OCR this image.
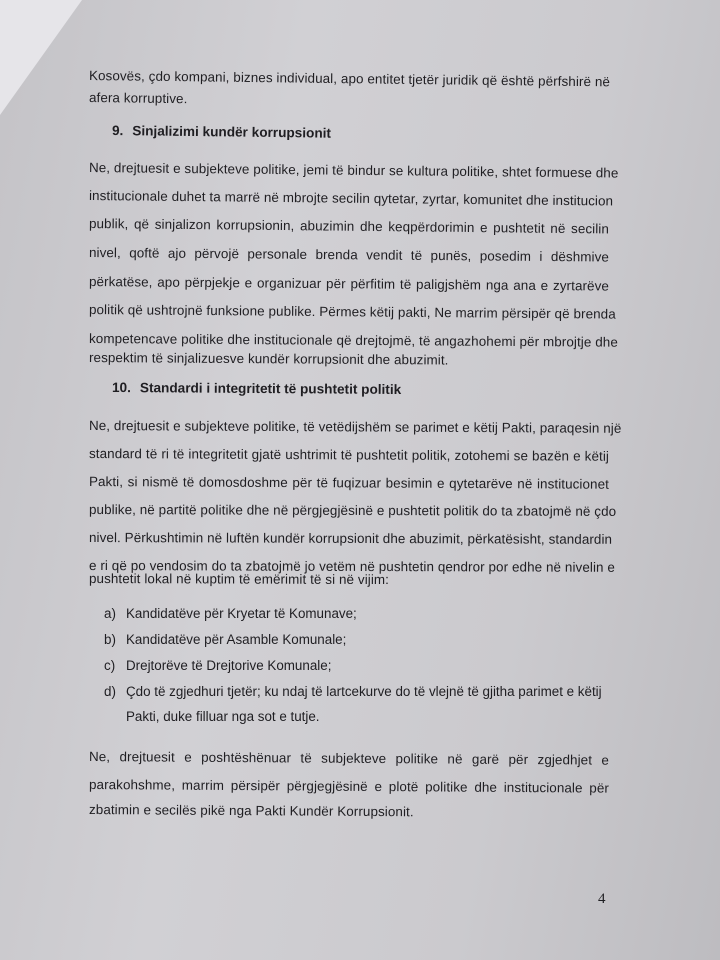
Kosovës, çdo kompani, biznes individual, apo entitet tjetër juridik që është përfshirë në
afera korruptive.
9. Sinjalizimi kundër korrupsionit
Ne, drejtuesit e subjekteve politike, jemi të bindur se kultura politike, shtet formuese dhe
institucionale duhet ta marrë në mbrojte secilin qytetar, zyrtar, komunitet dhe institucion
publik, që sinjalizon korrupsionin, abuzimin dhe keqpërdorimin e pushtetit në secilin
nivel, qoftë ajo përvojë personale brenda vendit të punës, posedim i dëshmive
përkatëse, apo përpjekje e organizuar për përfitim të paligjshëm nga ana e zyrtarëve
politik që ushtrojnë funksione publike. Përmes këtij pakti, Ne marrim përsipër që brenda
kompetencave politike dhe institucionale që drejtojmë, të angazhohemi për mbrojtje dhe
respektim të sinjalizuesve kundër korrupsionit dhe abuzimit.
10. Standardi i integritetit të pushtetit politik
Ne, drejtuesit e subjekteve politike, të vetëdijshëm se parimet e këtij Pakti, paraqesin një
standard të ri të integritetit gjatë ushtrimit të pushtetit politik, zotohemi se bazën e këtij
Pakti, si nismë të domosdoshme për të fuqizuar besimin e qytetarëve në institucionet
publike, në partitë politike dhe në përgjegjësinë e pushtetit politik do ta zbatojmë në çdo
nivel. Përkushtimin në luftën kundër korrupsionit dhe abuzimit, përkatësisht, standardin
e ri që po vendosim do ta zbatojmë jo vetëm në pushtetin qendror por edhe në nivelin e
pushtetit lokal në kuptim të emërimit të si në vijim:
a) Kandidatëve për Kryetar të Komunave;
b) Kandidatëve për Asamble Komunale;
c) Drejtorëve të Drejtorive Komunale;
d) Çdo të zgjedhuri tjetër; ku ndaj të lartcekurve do të vlejnë të gjitha parimet e këtij
Pakti, duke filluar nga sot e tutje.
Ne, drejtuesit e poshtëshënuar të subjekteve politike në garë për zgjedhjet e
parakohshme, marrim përsipër përgjegjësinë e plotë politike dhe institucionale për
zbatimin e secilës pikë nga Pakti Kundër Korrupsionit.
4
